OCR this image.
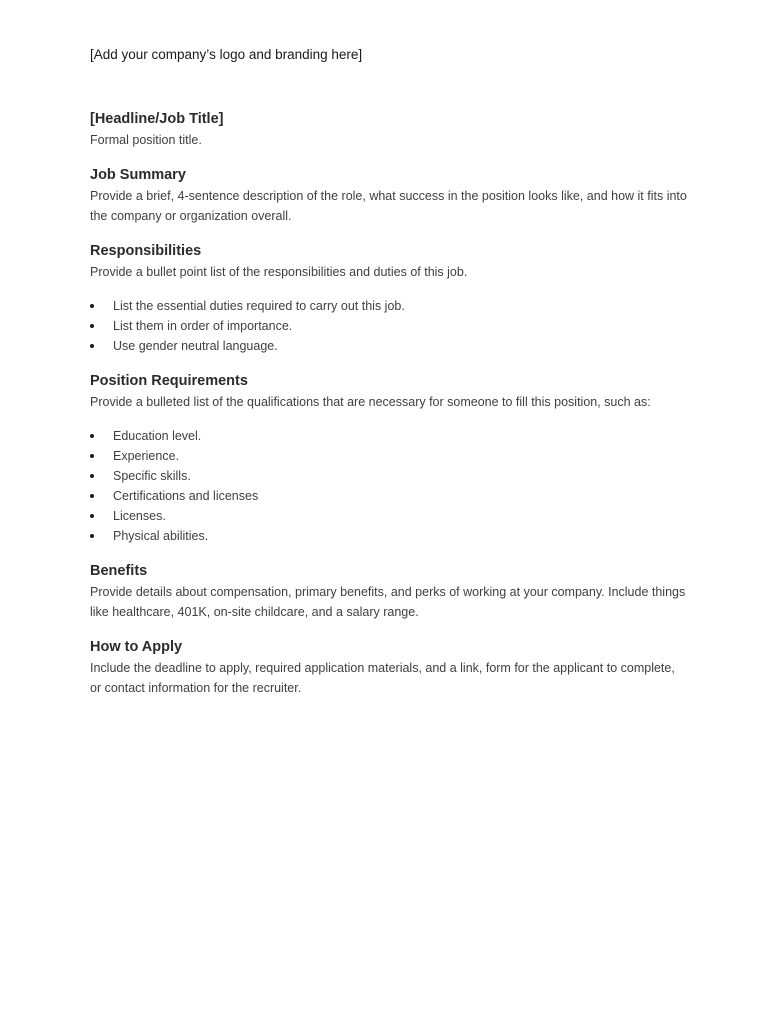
[Add your company’s logo and branding here]
[Headline/Job Title]
Formal position title.
Job Summary
Provide a brief, 4-sentence description of the role, what success in the position looks like, and how it fits into the company or organization overall.
Responsibilities
Provide a bullet point list of the responsibilities and duties of this job.
List the essential duties required to carry out this job.
List them in order of importance.
Use gender neutral language.
Position Requirements
Provide a bulleted list of the qualifications that are necessary for someone to fill this position, such as:
Education level.
Experience.
Specific skills.
Certifications and licenses
Licenses.
Physical abilities.
Benefits
Provide details about compensation, primary benefits, and perks of working at your company. Include things like healthcare, 401K, on-site childcare, and a salary range.
How to Apply
Include the deadline to apply, required application materials, and a link, form for the applicant to complete, or contact information for the recruiter.
